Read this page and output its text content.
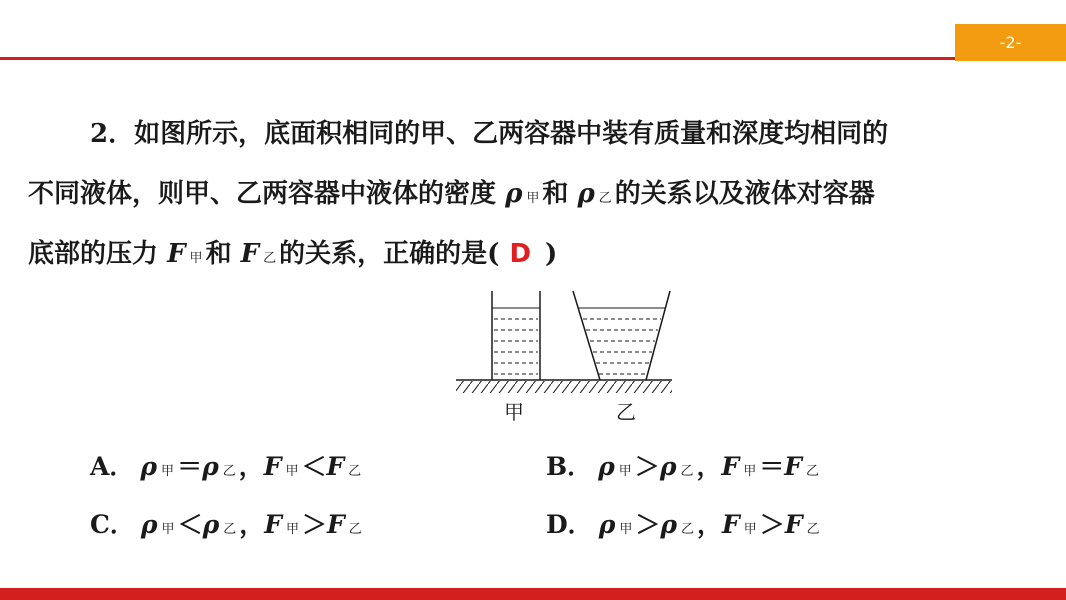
-2-
2．如图所示，底面积相同的甲、乙两容器中装有质量和深度均相同的
不同液体，则甲、乙两容器中液体的密度 ρ 甲 和 ρ 乙 的关系以及液体对容器
底部的压力 F 甲 和 F 乙 的关系，正确的是( D )
甲	乙
A． ρ 甲 ＝ρ 乙 ，F 甲 ＜F 乙	B． ρ 甲 ＞ρ 乙 ，F 甲 ＝F 乙
C． ρ 甲 ＜ρ 乙 ，F 甲 ＞F 乙	D． ρ 甲 ＞ρ 乙 ，F 甲 ＞F 乙
